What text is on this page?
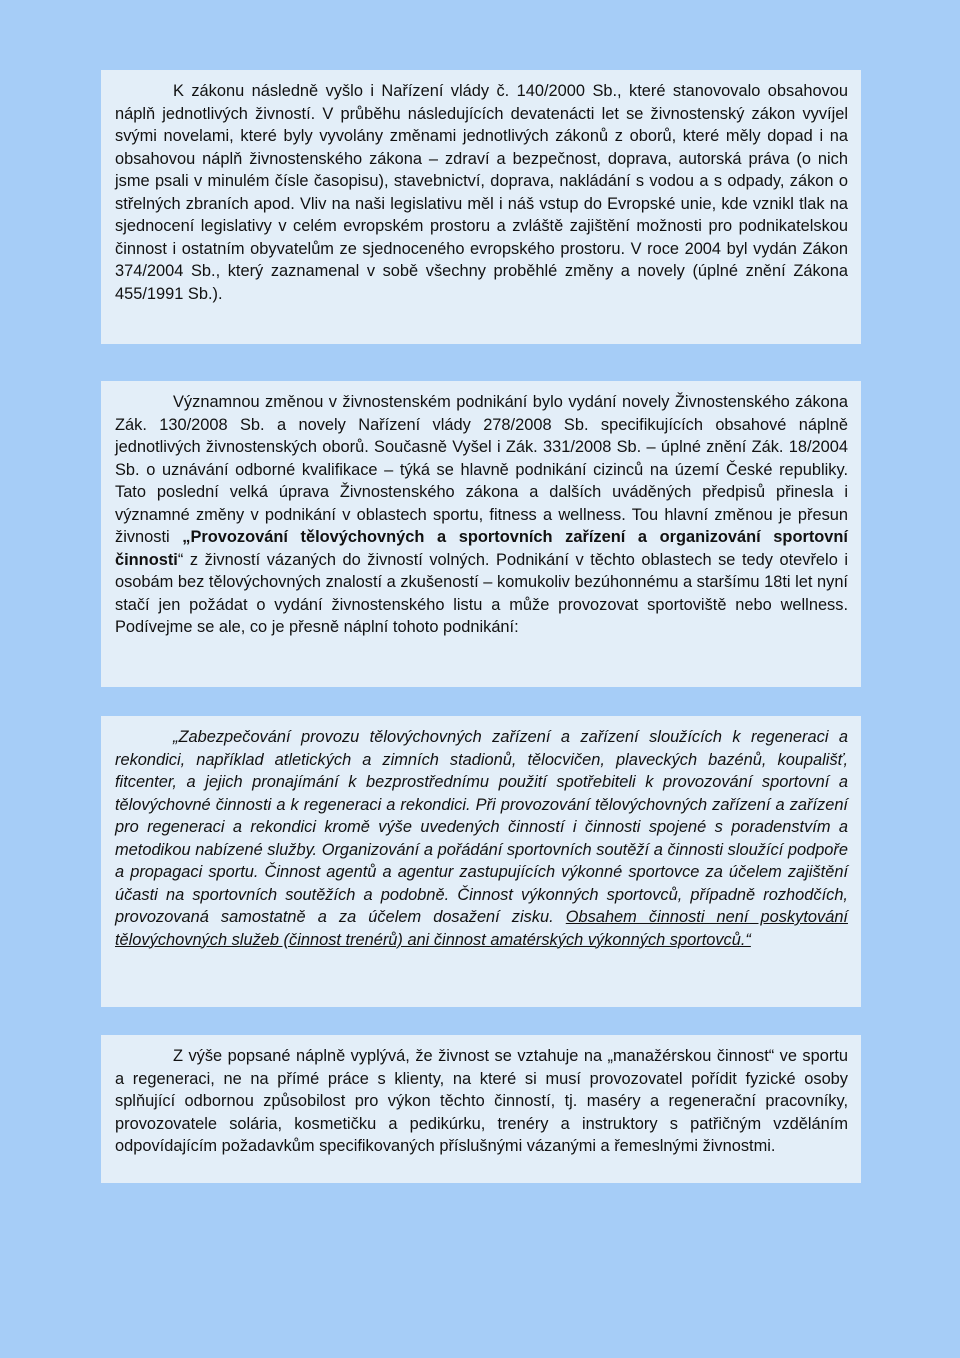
K zákonu následně vyšlo i Nařízení vlády č. 140/2000 Sb., které stanovovalo obsahovou náplň jednotlivých živností. V průběhu následujících devatenácti let se živnostenský zákon vyvíjel svými novelami, které byly vyvolány změnami jednotlivých zákonů z oborů, které měly dopad i na obsahovou náplň živnostenského zákona – zdraví a bezpečnost, doprava, autorská práva (o nich jsme psali v minulém čísle časopisu), stavebnictví, doprava, nakládání s vodou a s odpady, zákon o střelných zbraních apod. Vliv na naši legislativu měl i náš vstup do Evropské unie, kde vznikl tlak na sjednocení legislativy v celém evropském prostoru a zvláště zajištění možnosti pro podnikatelskou činnost i ostatním obyvatelům ze sjednoceného evropského prostoru. V roce 2004 byl vydán Zákon 374/2004 Sb., který zaznamenal v sobě všechny proběhlé změny a novely (úplné znění Zákona 455/1991 Sb.).

Významnou změnou v živnostenském podnikání bylo vydání novely Živnostenského zákona Zák. 130/2008 Sb. a novely Nařízení vlády 278/2008 Sb. specifikujících obsahové náplně jednotlivých živnostenských oborů. Současně Vyšel i Zák. 331/2008 Sb. – úplné znění Zák. 18/2004 Sb. o uznávání odborné kvalifikace – týká se hlavně podnikání cizinců na území České republiky. Tato poslední velká úprava Živnostenského zákona a dalších uváděných předpisů přinesla i významné změny v podnikání v oblastech sportu, fitness a wellness. Tou hlavní změnou je přesun živnosti „Provozování tělovýchovných a sportovních zařízení a organizování sportovní činnosti“ z živností vázaných do živností volných. Podnikání v těchto oblastech se tedy otevřelo i osobám bez tělovýchovných znalostí a zkušeností – komukoliv bezúhonnému a staršímu 18ti let nyní stačí jen požádat o vydání živnostenského listu a může provozovat sportoviště nebo wellness. Podívejme se ale, co je přesně náplní tohoto podnikání:

„Zabezpečování provozu tělovýchovných zařízení a zařízení sloužících k regeneraci a rekondici, například atletických a zimních stadionů, tělocvičen, plaveckých bazénů, koupališť, fitcenter, a jejich pronajímání k bezprostřednímu použití spotřebiteli k provozování sportovní a tělovýchovné činnosti a k regeneraci a rekondici. Při provozování tělovýchovných zařízení a zařízení pro regeneraci a rekondici kromě výše uvedených činností i činnosti spojené s poradenstvím a metodikou nabízené služby. Organizování a pořádání sportovních soutěží a činnosti sloužící podpoře a propagaci sportu. Činnost agentů a agentur zastupujících výkonné sportovce za účelem zajištění účasti na sportovních soutěžích a podobně. Činnost výkonných sportovců, případně rozhodčích, provozovaná samostatně a za účelem dosažení zisku. Obsahem činnosti není poskytování tělovýchovných služeb (činnost trenérů) ani činnost amatérských výkonných sportovců.“

Z výše popsané náplně vyplývá, že živnost se vztahuje na „manažérskou činnost“ ve sportu a regeneraci, ne na přímé práce s klienty, na které si musí provozovatel pořídit fyzické osoby splňující odbornou způsobilost pro výkon těchto činností, tj. maséry a regenerační pracovníky, provozovatele solária, kosmetičku a pedikúrku, trenéry a instruktory s patřičným vzděláním odpovídajícím požadavkům specifikovaných příslušnými vázanými a řemeslnými živnostmi.
